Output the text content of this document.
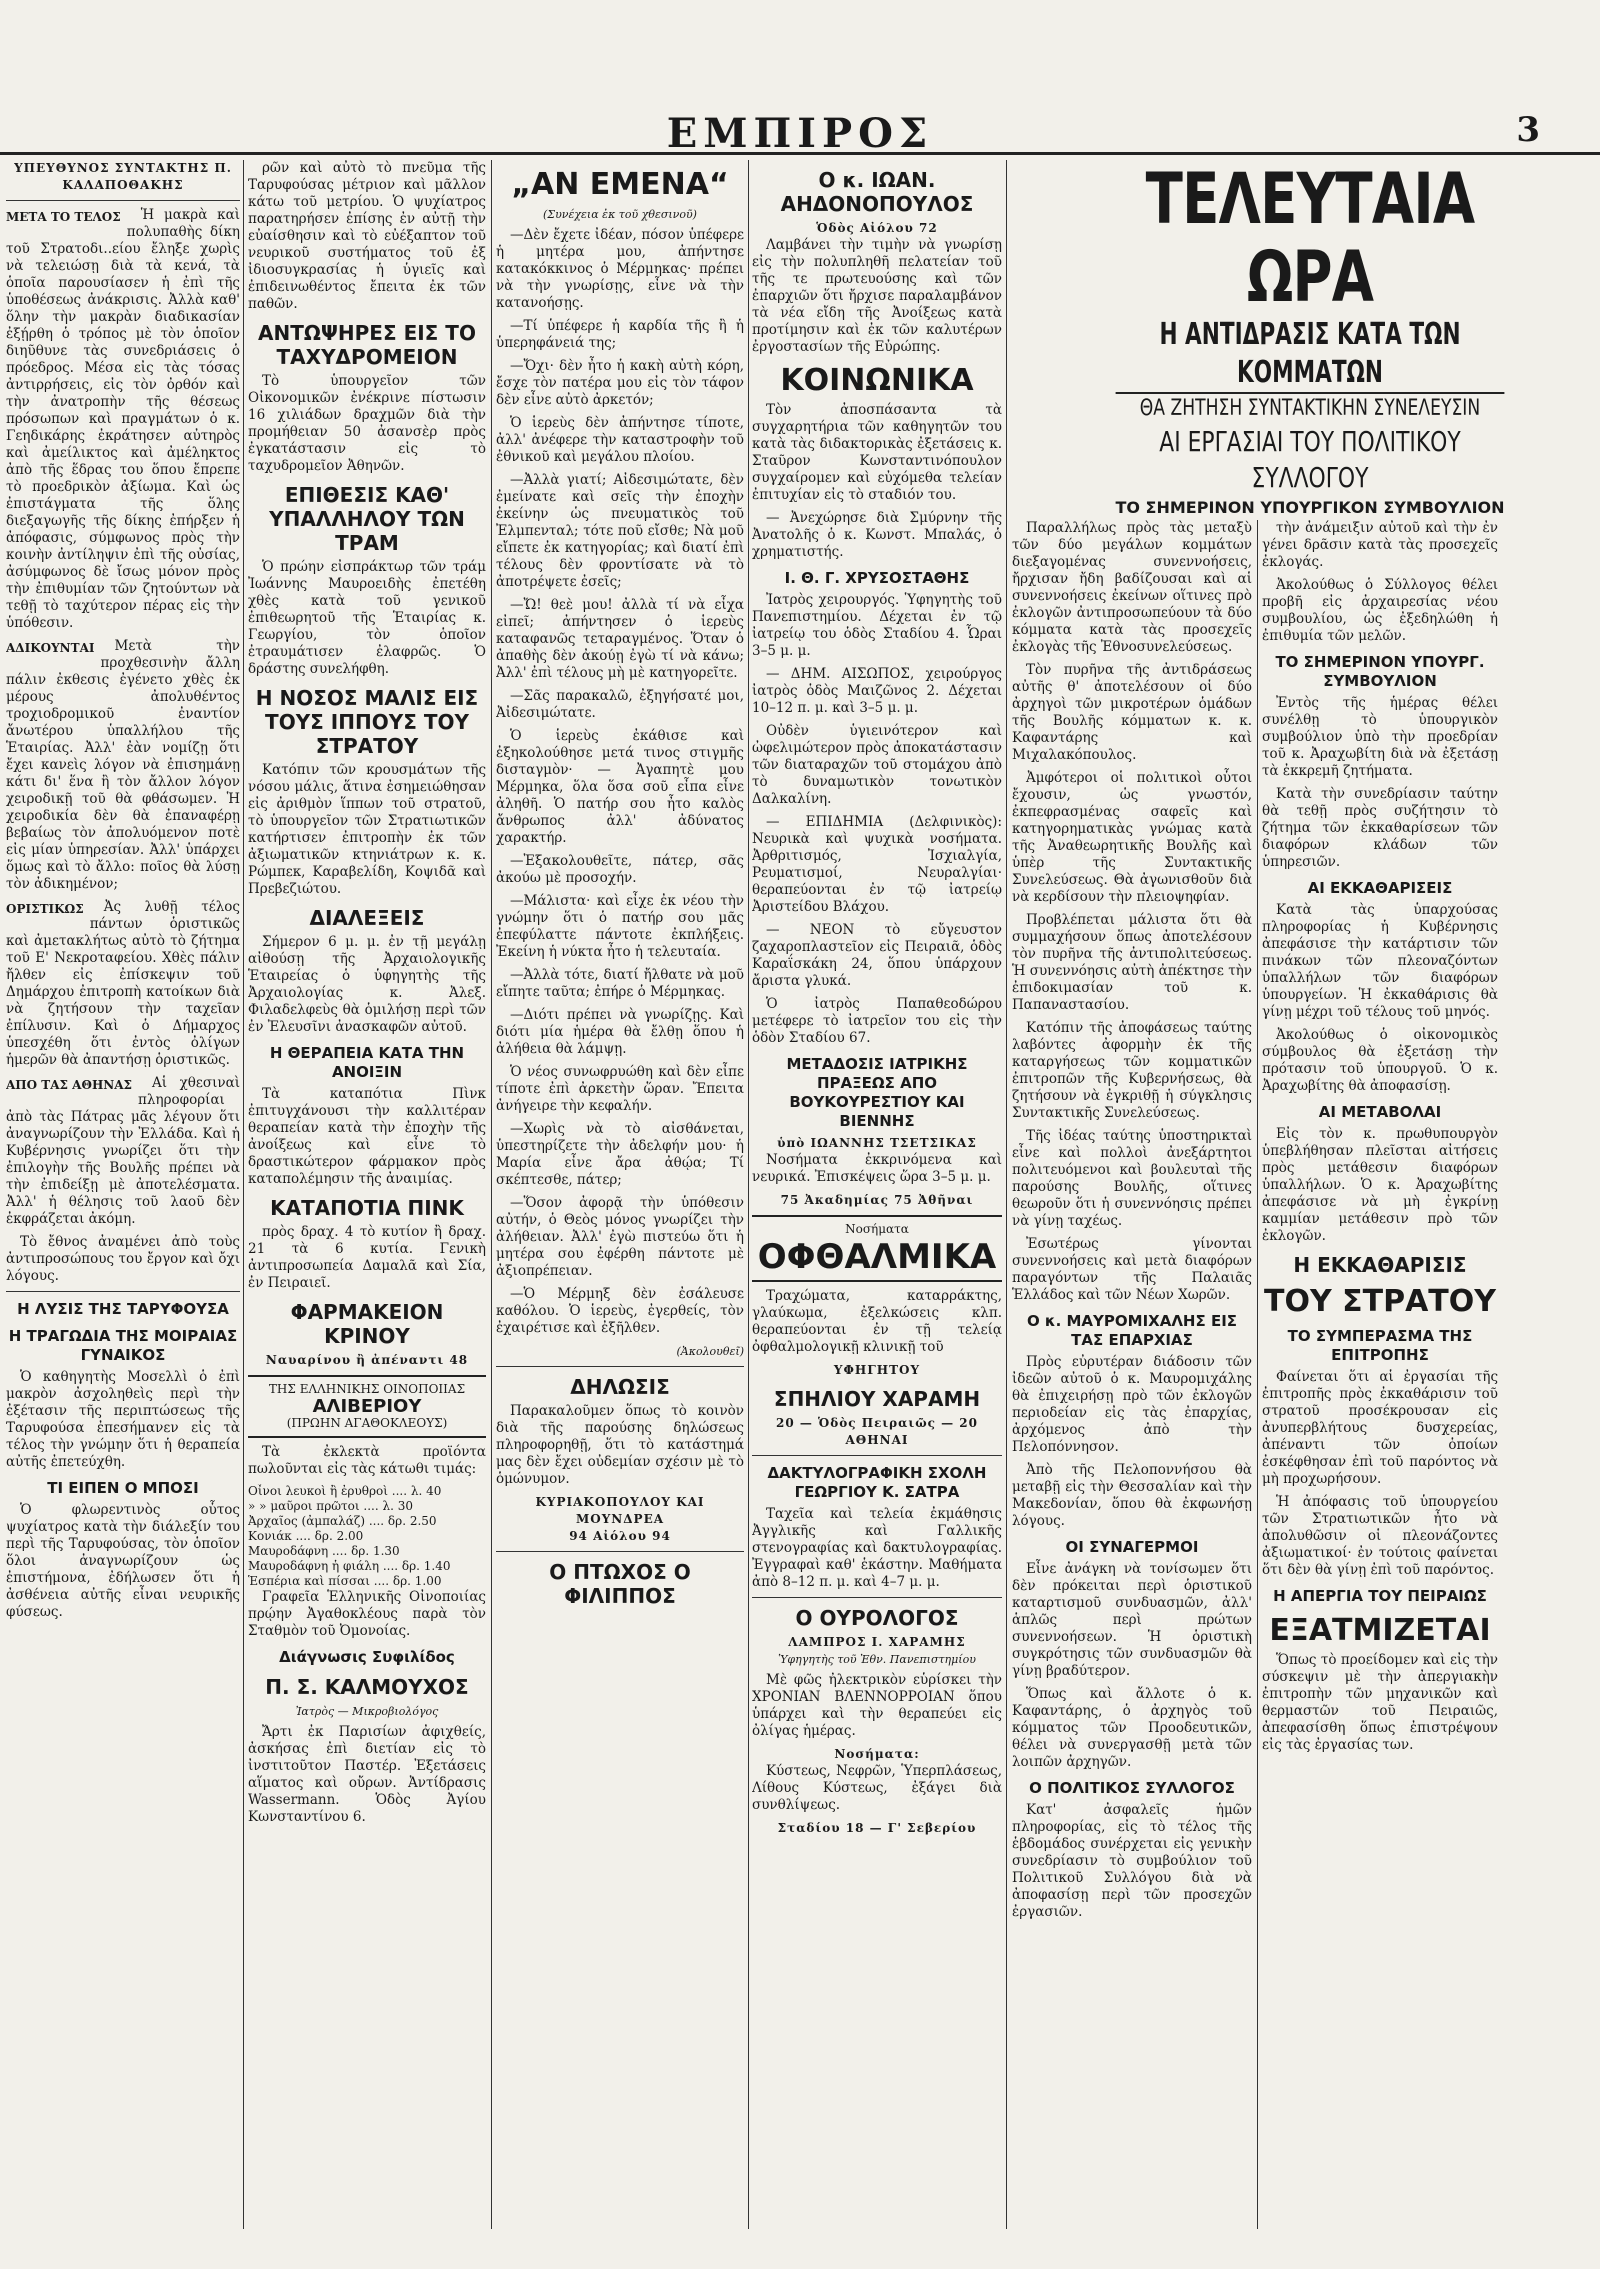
ΕΜΠΙΡΟΣ	3
ΥΠΕΥΘΥΝΟΣ ΣΥΝΤΑΚΤΗΣ Π. ΚΑΛΑΠΟΘΑΚΗΣ
ΜΕΤΑ ΤΟ ΤΕΛΟΣ	Ἡ μακρὰ καὶ πολυπαθὴς δίκη τοῦ Στρατοδι..είου ἔληξε χωρὶς νὰ τελειώσῃ διὰ τὰ κενά, τὰ ὁποῖα παρουσίασεν ἡ ἐπὶ τῆς ὑποθέσεως ἀνάκρισις. Ἀλλὰ καθ' ὅλην τὴν μακρὰν διαδικασίαν ἐξῄρθη ὁ τρόπος μὲ τὸν ὁποῖον διηῦθυνε τὰς συνεδριάσεις ὁ πρόεδρος. Μέσα εἰς τὰς τόσας ἀντιρρήσεις, εἰς τὸν ὀρθόν καὶ τὴν ἀνατροπὴν τῆς θέσεως πρόσωπων καὶ πραγμάτων ὁ κ. Γεηδικάρης ἐκράτησεν αὐτηρὸς καὶ ἀμείλικτος καὶ ἀμέληκτος ἀπὸ τῆς ἕδρας του ὅπου ἔπρεπε τὸ προεδρικὸν ἀξίωμα. Καὶ ὡς ἐπιστάγματα τῆς ὅλης διεξαγωγῆς τῆς δίκης ἐπήρξεν ἡ ἀπόφασις, σύμφωνος πρὸς τὴν κοινὴν ἀντίληψιν ἐπὶ τῆς οὐσίας, ἀσύμφωνος δὲ ἴσως μόνον πρὸς τὴν ἐπιθυμίαν τῶν ζητούντων νὰ τεθῇ τὸ ταχύτερον πέρας εἰς τὴν ὑπόθεσιν.

ΑΔΙΚΟΥΝΤΑΙ	Μετὰ τὴν προχθεσινὴν ἄλλη πάλιν ἐκθεσις ἐγένετο χθὲς ἐκ μέρους ἀπολυθέντος τροχιοδρομικοῦ ἐναντίον ἄνωτέρου ὑπαλλήλου τῆς Ἑταιρίας. Ἀλλ' ἐὰν νομίζῃ ὅτι ἔχει κανεὶς λόγον νὰ ἐπισημάνῃ κάτι δι' ἕνα ἢ τὸν ἄλλον λόγον χειροδικῇ τοῦ θὰ φθάσωμεν. Ἡ χειροδικία δὲν θὰ ἐπαναφέρῃ βεβαίως τὸν ἀπολυόμενον ποτὲ εἰς μίαν ὑπηρεσίαν. Ἀλλ' ὑπάρχει ὅμως καὶ τὸ ἄλλο: ποῖος θὰ λύσῃ τὸν ἀδικημένον;

ΟΡΙΣΤΙΚΩΣ	Ἀς λυθῇ τέλος πάντων ὁριστικῶς καὶ ἀμετακλήτως αὐτὸ τὸ ζήτημα τοῦ Ε' Νεκροταφείου. Χθὲς πάλιν ἤλθεν εἰς ἐπίσκεψιν τοῦ Δημάρχου ἐπιτροπὴ κατοίκων διὰ νὰ ζητήσουν τὴν ταχεῖαν ἐπίλυσιν. Καὶ ὁ Δήμαρχος ὑπεσχέθη ὅτι ἐντὸς ὀλίγων ἡμερῶν θὰ ἀπαντήσῃ ὁριστικῶς.

ΑΠΟ ΤΑΣ ΑΘΗΝΑΣ	Αἱ χθεσιναὶ πληροφορίαι ἀπὸ τὰς Πάτρας μᾶς λέγουν ὅτι ἀναγνωρίζουν τὴν Ἐλλάδα. Καὶ ἡ Κυβέρνησις γνωρίζει ὅτι τὴν ἐπιλογὴν τῆς Βουλῆς πρέπει νὰ τὴν ἐπιδείξῃ μὲ ἀποτελέσματα. Ἀλλ' ἡ θέλησις τοῦ λαοῦ δὲν ἐκφράζεται ἀκόμη.

Τὸ ἔθνος ἀναμένει ἀπὸ τοὺς ἀντιπροσώπους του ἔργον καὶ ὄχι λόγους.

Η ΛΥΣΙΣ ΤΗΣ ΤΑΡΥΦΟΥΣΑ
Η ΤΡΑΓΩΔΙΑ ΤΗΣ ΜΟΙΡΑΙΑΣ ΓΥΝΑΙΚΟΣ

Ὁ καθηγητὴς Μοσελλὶ ὁ ἐπὶ μακρὸν ἀσχοληθεὶς περὶ τὴν ἐξέτασιν τῆς περιπτώσεως τῆς Ταρυφούσα ἐπεσήμανεν εἰς τὰ τέλος τὴν γνώμην ὅτι ἡ θεραπεία αὐτῆς ἐπετεύχθη.

ΤΙ ΕΙΠΕΝ Ο ΜΠΟΣΙ

Ὁ φλωρεντινὸς οὗτος ψυχίατρος κατὰ τὴν διάλεξίν του περὶ τῆς Ταρυφούσας, τὸν ὁποῖον ὅλοι ἀναγνωρίζουν ὡς ἐπιστήμονα, ἐδήλωσεν ὅτι ἡ ἀσθένεια αὐτῆς εἶναι νευρικῆς φύσεως.

ρῶν καὶ αὐτὸ τὸ πνεῦμα τῆς Ταρυφούσας μέτριον καὶ μᾶλλον κάτω τοῦ μετρίου. Ὁ ψυχίατρος παρατηρήσεν ἐπίσης ἐν αὐτῇ τὴν εὐαίσθησιν καὶ τὸ εὐέξαπτον τοῦ νευρικοῦ συστήματος τοῦ ἐξ ἰδιοσυγκρασίας ἡ ὑγιεῖς καὶ ἐπιδεινωθέντος ἔπειτα ἐκ τῶν παθῶν.

ΑΝΤΩΨΗΡΕΣ ΕΙΣ ΤΟ ΤΑΧΥΔΡΟΜΕΙΟΝ

Τὸ ὑπουργεῖον τῶν Οἰκονομικῶν ἐνέκρινε πίστωσιν 16 χιλιάδων δραχμῶν διὰ τὴν προμήθειαν 50 ἀσανσὲρ πρὸς ἐγκατάστασιν εἰς τὸ ταχυδρομεῖον Ἀθηνῶν.

ΕΠΙΘΕΣΙΣ ΚΑΘ' ΥΠΑΛΛΗΛΟΥ ΤΩΝ ΤΡΑΜ

Ὁ πρώην εἰσπράκτωρ τῶν τράμ Ἰωάννης Μαυροειδὴς ἐπετέθη χθὲς κατὰ τοῦ γενικοῦ ἐπιθεωρητοῦ τῆς Ἑταιρίας κ. Γεωργίου, τὸν ὁποῖον ἐτραυμάτισεν ἐλαφρῶς. Ὁ δράστης συνελήφθη.

Η ΝΟΣΟΣ ΜΑΛΙΣ ΕΙΣ ΤΟΥΣ ΙΠΠΟΥΣ ΤΟΥ ΣΤΡΑΤΟΥ

Κατόπιν τῶν κρουσμάτων τῆς νόσου μάλις, ἅτινα ἐσημειώθησαν εἰς ἀριθμὸν ἵππων τοῦ στρατοῦ, τὸ ὑπουργεῖον τῶν Στρατιωτικῶν κατήρτισεν ἐπιτροπὴν ἐκ τῶν ἀξιωματικῶν κτηνιάτρων κ. κ. Ρώμπεκ, Καραβελίδη, Κοψιδᾶ καὶ Πρεβεζιώτου.

ΔΙΑΛΕΞΕΙΣ

Σήμερον 6 μ. μ. ἐν τῇ μεγάλῃ αἰθούσῃ τῆς Ἀρχαιολογικῆς Ἑταιρείας ὁ ὑφηγητὴς τῆς Ἀρχαιολογίας κ. Ἀλεξ. Φιλαδελφεὺς θὰ ὁμιλήσῃ περὶ τῶν ἐν Ἐλευσῖνι ἀνασκαφῶν αὐτοῦ.

Η ΘΕΡΑΠΕΙΑ ΚΑΤΑ ΤΗΝ ΑΝΟΙΞΙΝ

Τὰ καταπότια Πὶνκ ἐπιτυγχάνουσι τὴν καλλιτέραν θεραπείαν κατὰ τὴν ἐποχὴν τῆς ἀνοίξεως καὶ εἶνε τὸ δραστικώτερον φάρμακον πρὸς καταπολέμησιν τῆς ἀναιμίας.

ΚΑΤΑΠΟΤΙΑ ΠΙΝΚ

πρὸς δραχ. 4 τὸ κυτίον ἢ δραχ. 21 τὰ 6 κυτία. Γενικὴ ἀντιπροσωπεία Δαμαλᾶ καὶ Σία, ἐν Πειραιεῖ.

ΦΑΡΜΑΚΕΙΟΝ ΚΡΙΝΟΥ
Ναυαρίνου ἢ ἀπέναντι 48
ΤΗΣ ΕΛΛΗΝΙΚΗΣ ΟΙΝΟΠΟΙΙΑΣ
ΑΛΙΒΕΡΙΟΥ
(ΠΡΩΗΝ ΑΓΑΘΟΚΛΕΟΥΣ)

Τὰ ἐκλεκτὰ προϊόντα πωλοῦνται εἰς τὰς κάτωθι τιμάς:

Οἶνοι λευκοὶ ἢ ἐρυθροὶ .... λ. 40
» » μαῦροι πρῶτοι .... λ. 30
Ἀρχαῖος (ἀμπαλάζ) .... δρ. 2.50
Κονιάκ .... δρ. 2.00
Μαυροδάφνη .... δρ. 1.30
Μαυροδάφνη ἡ φιάλη .... δρ. 1.40
Ἑσπέρια καὶ πίσσαι .... δρ. 1.00

Γραφεῖα Ἑλληνικῆς Οἰνοποιίας πρῴην Ἀγαθοκλέους παρὰ τὸν Σταθμὸν τοῦ Ὀμονοίας.

Διάγνωσις Συφιλίδος
Π. Σ. ΚΑΛΜΟΥΧΟΣ
Ἰατρὸς — Μικροβιολόγος

Ἄρτι ἐκ Παρισίων ἀφιχθείς, ἀσκήσας ἐπὶ διετίαν εἰς τὸ ἰνστιτοῦτον Παστέρ. Ἐξετάσεις αἵματος καὶ οὔρων. Ἀντίδρασις Wassermann. Ὁδὸς Ἀγίου Κωνσταντίνου 6.

„ΑΝ ΕΜΕΝΑ“
(Συνέχεια ἐκ τοῦ χθεσινοῦ)

—Δὲν ἔχετε ἰδέαν, πόσον ὑπέφερε ἡ μητέρα μου, ἀπήντησε κατακόκκινος ὁ Μέρμηκας· πρέπει νὰ τὴν γνωρίσῃς, εἶνε νὰ τὴν κατανοήσῃς.

—Τί ὑπέφερε ἡ καρδία τῆς ἢ ἡ ὑπερηφάνειά της;

—Ὄχι· δὲν ἦτο ἡ κακὴ αὐτὴ κόρη, ἔσχε τὸν πατέρα μου εἰς τὸν τάφον δὲν εἶνε αὐτὸ ἀρκετόν;

Ὁ ἱερεὺς δὲν ἀπήντησε τίποτε, ἀλλ' ἀνέφερε τὴν καταστροφὴν τοῦ ἐθνικοῦ καὶ μεγάλου πλοίου.

—Ἀλλὰ γιατί; Αἰδεσιμώτατε, δὲν ἐμείνατε καὶ σεῖς τὴν ἐποχὴν ἐκείνην ὡς πνευματικὸς τοῦ Ἐλμπενταλ; τότε ποῦ εἴσθε; Νὰ μοῦ εἴπετε ἐκ κατηγορίας; καὶ διατί ἐπὶ τέλους δὲν φροντίσατε νὰ τὸ ἀποτρέψετε ἐσεῖς;

—Ὤ! θεὲ μου! ἀλλὰ τί νὰ εἶχα εἰπεῖ; ἀπήντησεν ὁ ἱερεὺς καταφανῶς τεταραγμένος. Ὅταν ὁ ἀπαθὴς δὲν ἀκούῃ ἐγὼ τί νὰ κάνω; Ἀλλ' ἐπὶ τέλους μὴ μὲ κατηγορεῖτε.

—Σᾶς παρακαλῶ, ἐξηγήσατέ μοι, Ἀἰδεσιμώτατε.

Ὁ ἱερεὺς ἐκάθισε καὶ ἐξηκολούθησε μετά τινος στιγμῆς δισταγμὸν· — Ἀγαπητὲ μου Μέρμηκα, ὅλα ὅσα σοῦ εἶπα εἶνε ἀληθῆ. Ὁ πατήρ σου ἦτο καλὸς ἄνθρωπος ἀλλ' ἀδύνατος χαρακτήρ.

—Ἐξακολουθεῖτε, πάτερ, σᾶς ἀκούω μὲ προσοχήν.

—Μάλιστα· καὶ εἶχε ἐκ νέου τὴν γνώμην ὅτι ὁ πατήρ σου μᾶς ἐπεφύλαττε πάντοτε ἐκπλήξεις. Ἐκείνη ἡ νύκτα ἦτο ἡ τελευταία.

—Ἀλλὰ τότε, διατί ἤλθατε νὰ μοῦ εἴπητε ταῦτα; ἐπήρε ὁ Μέρμηκας.

—Διότι πρέπει νὰ γνωρίζῃς. Καὶ διότι μία ἡμέρα θὰ ἔλθῃ ὅπου ἡ ἀλήθεια θὰ λάμψῃ.

Ὁ νέος συνωφρυώθη καὶ δὲν εἶπε τίποτε ἐπὶ ἀρκετὴν ὥραν. Ἔπειτα ἀνήγειρε τὴν κεφαλήν.

—Χωρὶς νὰ τὸ αἰσθάνεται, ὑπεστηρίζετε τὴν ἀδελφήν μου· ἡ Μαρία εἶνε ἄρα ἀθῴα; Τί σκέπτεσθε, πάτερ;

—Ὅσον ἀφορᾷ τὴν ὑπόθεσιν αὐτήν, ὁ Θεὸς μόνος γνωρίζει τὴν ἀλήθειαν. Ἀλλ' ἐγὼ πιστεύω ὅτι ἡ μητέρα σου ἐφέρθη πάντοτε μὲ ἀξιοπρέπειαν.

—Ὁ Μέρμηξ δὲν ἐσάλευσε καθόλου. Ὁ ἱερεὺς, ἐγερθείς, τὸν ἐχαιρέτισε καὶ ἐξῆλθεν.

(Ἀκολουθεῖ)
ΔΗΛΩΣΙΣ

Παρακαλοῦμεν ὅπως τὸ κοινὸν διὰ τῆς παρούσης δηλώσεως πληροφορηθῇ, ὅτι τὸ κατάστημά μας δὲν ἔχει οὐδεμίαν σχέσιν μὲ τὸ ὁμώνυμον.

ΚΥΡΙΑΚΟΠΟΥΛΟΥ ΚΑΙ ΜΟΥΝΔΡΕΑ
94 Αἰόλου 94
Ο ΠΤΩΧΟΣ Ο ΦΙΛΙΠΠΟΣ
Ο κ. ΙΩΑΝ. ΑΗΔΟΝΟΠΟΥΛΟΣ
Ὁδὸς Αἰόλου 72

Λαμβάνει τὴν τιμὴν νὰ γνωρίσῃ εἰς τὴν πολυπληθῆ πελατείαν τοῦ τῆς τε πρωτευούσης καὶ τῶν ἐπαρχιῶν ὅτι ἤρχισε παραλαμβάνον τὰ νέα εἴδη τῆς Ἀνοίξεως κατὰ προτίμησιν καὶ ἐκ τῶν καλυτέρων ἐργοστασίων τῆς Εὐρώπης.

ΚΟΙΝΩΝΙΚΑ

Τὸν ἀποσπάσαντα τὰ συγχαρητήρια τῶν καθηγητῶν του κατὰ τὰς διδακτορικὰς ἐξετάσεις κ. Σταῦρον Κωνσταντινόπουλον συγχαίρομεν καὶ εὐχόμεθα τελείαν ἐπιτυχίαν εἰς τὸ σταδιόν του.

— Ἀνεχώρησε διὰ Σμύρνην τῆς Ἀνατολῆς ὁ κ. Κωνστ. Μπαλάς, ὁ χρηματιστής.

Ι. Θ. Γ. ΧΡΥΣΟΣΤΑΘΗΣ

Ἰατρὸς χειρουργός. Ὑφηγητὴς τοῦ Πανεπιστημίου. Δέχεται ἐν τῷ ἰατρείῳ του ὁδὸς Σταδίου 4. Ὧραι 3–5 μ. μ.

— ΔΗΜ. ΑΙΣΩΠΟΣ, χειρούργος ἰατρὸς ὁδὸς Μαιζῶνος 2. Δέχεται 10–12 π. μ. καὶ 3–5 μ. μ.

Οὐδὲν ὑγιεινότερον καὶ ὠφελιμώτερον πρὸς ἀποκατάστασιν τῶν διαταραχῶν τοῦ στομάχου ἀπὸ τὸ δυναμωτικὸν τονωτικὸν Δαλκαλίνη.

— ΕΠΙΔΗΜΙΑ (Δελφινικὸς): Νευρικὰ καὶ ψυχικὰ νοσήματα. Ἀρθριτισμός, Ἰσχιαλγία, Ρευματισμοί, Νευραλγίαι· θεραπεύονται ἐν τῷ ἰατρείῳ Ἀριστείδου Βλάχου.

— ΝΕΟΝ τὸ εὔγευστον ζαχαροπλαστεῖον εἰς Πειραιᾶ, ὁδὸς Καραΐσκάκη 24, ὅπου ὑπάρχουν ἄριστα γλυκά.

Ὁ ἰατρὸς Παπαθεοδώρου μετέφερε τὸ ἰατρεῖον του εἰς τὴν ὁδὸν Σταδίου 67.

ΜΕΤΑΔΟΣΙΣ ΙΑΤΡΙΚΗΣ ΠΡΑΞΕΩΣ ΑΠΟ ΒΟΥΚΟΥΡΕΣΤΙΟΥ ΚΑΙ ΒΙΕΝΝΗΣ
ὑπὸ ΙΩΑΝΝΗΣ ΤΣΕΤΣΙΚΑΣ

Νοσήματα ἐκκρινόμενα καὶ νευρικά. Ἐπισκέψεις ὥρα 3–5 μ. μ.

75 Ἀκαδημίας 75 Ἀθῆναι
Νοσήματα
ΟΦΘΑΛΜΙΚΑ

Τραχώματα, καταρράκτης, γλαύκωμα, ἐξελκώσεις κλπ. θεραπεύονται ἐν τῇ τελείᾳ ὀφθαλμολογικῇ κλινικῇ τοῦ

ΥΦΗΓΗΤΟΥ
ΣΠΗΛΙΟΥ ΧΑΡΑΜΗ
20 — Ὁδὸς Πειραιῶς — 20
ΑΘΗΝΑΙ
ΔΑΚΤΥΛΟΓΡΑΦΙΚΗ ΣΧΟΛΗ ΓΕΩΡΓΙΟΥ Κ. ΣΑΤΡΑ

Ταχεῖα καὶ τελεία ἐκμάθησις Ἀγγλικῆς καὶ Γαλλικῆς στενογραφίας καὶ δακτυλογραφίας. Ἐγγραφαὶ καθ' ἑκάστην. Μαθήματα ἀπὸ 8–12 π. μ. καὶ 4–7 μ. μ.

Ο ΟΥΡΟΛΟΓΟΣ
ΛΑΜΠΡΟΣ Ι. ΧΑΡΑΜΗΣ
Ὑφηγητὴς τοῦ Ἐθν. Πανεπιστημίου

Μὲ φῶς ἠλεκτρικὸν εὑρίσκει τὴν ΧΡΟΝΙΑΝ ΒΛΕΝΝΟΡΡΟΙΑΝ ὅπου ὑπάρχει καὶ τὴν θεραπεύει εἰς ὀλίγας ἡμέρας.

Νοσήματα:

Κύστεως, Νεφρῶν, Ὑπερπλάσεως, Λίθους Κύστεως, ἐξάγει διὰ συνθλίψεως.

Σταδίου 18 — Γ' Σεβερίου
ΤΕΛΕΥΤΑΙΑ ΩΡΑ
Η ΑΝΤΙΔΡΑΣΙΣ ΚΑΤΑ ΤΩΝ ΚΟΜΜΑΤΩΝ
ΘΑ ΖΗΤΗΣΗ ΣΥΝΤΑΚΤΙΚΗΝ ΣΥΝΕΛΕΥΣΙΝ
ΑΙ ΕΡΓΑΣΙΑΙ ΤΟΥ ΠΟΛΙΤΙΚΟΥ ΣΥΛΛΟΓΟΥ
ΤΟ ΣΗΜΕΡΙΝΟΝ ΥΠΟΥΡΓΙΚΟΝ ΣΥΜΒΟΥΛΙΟΝ

Παραλλήλως πρὸς τὰς μεταξὺ τῶν δύο μεγάλων κομμάτων διεξαγομένας συνεννοήσεις, ἤρχισαν ἤδη βαδίζουσαι καὶ αἱ συνεννοήσεις ἐκείνων οἵτινες πρὸ ἐκλογῶν ἀντιπροσωπεύουν τὰ δύο κόμματα κατὰ τὰς προσεχεῖς ἐκλογὰς τῆς Ἐθνοσυνελεύσεως.

Τὸν πυρῆνα τῆς ἀντιδράσεως αὐτῆς θ' ἀποτελέσουν οἱ δύο ἀρχηγοὶ τῶν μικροτέρων ὁμάδων τῆς Βουλῆς κόμματων κ. κ. Καφαντάρης καὶ Μιχαλακόπουλος.

Ἀμφότεροι οἱ πολιτικοὶ οὗτοι ἔχουσιν, ὡς γνωστόν, ἐκπεφρασμένας σαφεῖς καὶ κατηγορηματικὰς γνώμας κατὰ τῆς Ἀναθεωρητικῆς Βουλῆς καὶ ὑπὲρ τῆς Συντακτικῆς Συνελεύσεως. Θὰ ἀγωνισθοῦν διὰ νὰ κερδίσουν τὴν πλειοψηφίαν.

Προβλέπεται μάλιστα ὅτι θὰ συμμαχήσουν ὅπως ἀποτελέσουν τὸν πυρῆνα τῆς ἀντιπολιτεύσεως. Ἡ συνεννόησις αὐτὴ ἀπέκτησε τὴν ἐπιδοκιμασίαν τοῦ κ. Παπαναστασίου.

Κατόπιν τῆς ἀποφάσεως ταύτης λαβόντες ἀφορμὴν ἐκ τῆς καταργήσεως τῶν κομματικῶν ἐπιτροπῶν τῆς Κυβερνήσεως, θὰ ζητήσουν νὰ ἐγκριθῇ ἡ σύγκλησις Συντακτικῆς Συνελεύσεως.

Τῆς ἰδέας ταύτης ὑποστηρικταὶ εἶνε καὶ πολλοὶ ἀνεξάρτητοι πολιτευόμενοι καὶ βουλευταὶ τῆς παρούσης Βουλῆς, οἵτινες θεωροῦν ὅτι ἡ συνεννόησις πρέπει νὰ γίνῃ ταχέως.

Ἐσωτέρως γίνονται συνεννοήσεις καὶ μετὰ διαφόρων παραγόντων τῆς Παλαιᾶς Ἑλλάδος καὶ τῶν Νέων Χωρῶν.

Ο κ. ΜΑΥΡΟΜΙΧΑΛΗΣ ΕΙΣ ΤΑΣ ΕΠΑΡΧΙΑΣ

Πρὸς εὐρυτέραν διάδοσιν τῶν ἰδεῶν αὐτοῦ ὁ κ. Μαυρομιχάλης θὰ ἐπιχειρήσῃ πρὸ τῶν ἐκλογῶν περιοδείαν εἰς τὰς ἐπαρχίας, ἀρχόμενος ἀπὸ τὴν Πελοπόννησον.

Ἀπὸ τῆς Πελοποννήσου θὰ μεταβῇ εἰς τὴν Θεσσαλίαν καὶ τὴν Μακεδονίαν, ὅπου θὰ ἐκφωνήσῃ λόγους.

ΟΙ ΣΥΝΑΓΕΡΜΟΙ

Εἶνε ἀνάγκη νὰ τονίσωμεν ὅτι δὲν πρόκειται περὶ ὁριστικοῦ καταρτισμοῦ συνδυασμῶν, ἀλλ' ἁπλῶς περὶ πρώτων συνεννοήσεων. Ἡ ὁριστικὴ συγκρότησις τῶν συνδυασμῶν θὰ γίνῃ βραδύτερον.

Ὅπως καὶ ἄλλοτε ὁ κ. Καφαντάρης, ὁ ἀρχηγὸς τοῦ κόμματος τῶν Προοδευτικῶν, θέλει νὰ συνεργασθῇ μετὰ τῶν λοιπῶν ἀρχηγῶν.

Ο ΠΟΛΙΤΙΚΟΣ ΣΥΛΛΟΓΟΣ

Κατ' ἀσφαλεῖς ἡμῶν πληροφορίας, εἰς τὸ τέλος τῆς ἑβδομάδος συνέρχεται εἰς γενικὴν συνεδρίασιν τὸ συμβούλιον τοῦ Πολιτικοῦ Συλλόγου διὰ νὰ ἀποφασίσῃ περὶ τῶν προσεχῶν ἐργασιῶν.

τὴν ἀνάμειξιν αὐτοῦ καὶ τὴν ἐν γένει δρᾶσιν κατὰ τὰς προσεχεῖς ἐκλογάς.

Ἀκολούθως ὁ Σύλλογος θέλει προβῆ εἰς ἀρχαιρεσίας νέου συμβουλίου, ὡς ἐξεδηλώθη ἡ ἐπιθυμία τῶν μελῶν.

ΤΟ ΣΗΜΕΡΙΝΟΝ ΥΠΟΥΡΓ. ΣΥΜΒΟΥΛΙΟΝ

Ἐντὸς τῆς ἡμέρας θέλει συνέλθῃ τὸ ὑπουργικὸν συμβούλιον ὑπὸ τὴν προεδρίαν τοῦ κ. Ἀραχωβίτη διὰ νὰ ἐξετάσῃ τὰ ἐκκρεμῆ ζητήματα.

Κατὰ τὴν συνεδρίασιν ταύτην θὰ τεθῇ πρὸς συζήτησιν τὸ ζήτημα τῶν ἐκκαθαρίσεων τῶν διαφόρων κλάδων τῶν ὑπηρεσιῶν.

ΑΙ ΕΚΚΑΘΑΡΙΣΕΙΣ

Κατὰ τὰς ὑπαρχούσας πληροφορίας ἡ Κυβέρνησις ἀπεφάσισε τὴν κατάρτισιν τῶν πινάκων τῶν πλεοναζόντων ὑπαλλήλων τῶν διαφόρων ὑπουργείων. Ἡ ἐκκαθάρισις θὰ γίνῃ μέχρι τοῦ τέλους τοῦ μηνός.

Ἀκολούθως ὁ οἰκονομικὸς σύμβουλος θὰ ἐξετάσῃ τὴν πρότασιν τοῦ ὑπουργοῦ. Ὁ κ. Ἀραχωβίτης θὰ ἀποφασίσῃ.

ΑΙ ΜΕΤΑΒΟΛΑΙ

Εἰς τὸν κ. πρωθυπουργὸν ὑπεβλήθησαν πλεῖσται αἰτήσεις πρὸς μετάθεσιν διαφόρων ὑπαλλήλων. Ὁ κ. Ἀραχωβίτης ἀπεφάσισε νὰ μὴ ἐγκρίνῃ καμμίαν μετάθεσιν πρὸ τῶν ἐκλογῶν.

Η ΕΚΚΑΘΑΡΙΣΙΣ
ΤΟΥ ΣΤΡΑΤΟΥ
ΤΟ ΣΥΜΠΕΡΑΣΜΑ ΤΗΣ ΕΠΙΤΡΟΠΗΣ

Φαίνεται ὅτι αἱ ἐργασίαι τῆς ἐπιτροπῆς πρὸς ἐκκαθάρισιν τοῦ στρατοῦ προσέκρουσαν εἰς ἀνυπερβλήτους δυσχερείας, ἀπέναντι τῶν ὁποίων ἐσκέφθησαν ἐπὶ τοῦ παρόντος νὰ μὴ προχωρήσουν.

Ἡ ἀπόφασις τοῦ ὑπουργείου τῶν Στρατιωτικῶν ἦτο νὰ ἀπολυθῶσιν οἱ πλεονάζοντες ἀξιωματικοί· ἐν τούτοις φαίνεται ὅτι δὲν θὰ γίνῃ ἐπὶ τοῦ παρόντος.

Η ΑΠΕΡΓΙΑ ΤΟΥ ΠΕΙΡΑΙΩΣ
ΕΞΑΤΜΙΖΕΤΑΙ

Ὅπως τὸ προείδομεν καὶ εἰς τὴν σύσκεψιν μὲ τὴν ἀπεργιακὴν ἐπιτροπὴν τῶν μηχανικῶν καὶ θερμαστῶν τοῦ Πειραιῶς, ἀπεφασίσθη ὅπως ἐπιστρέψουν εἰς τὰς ἐργασίας των.
